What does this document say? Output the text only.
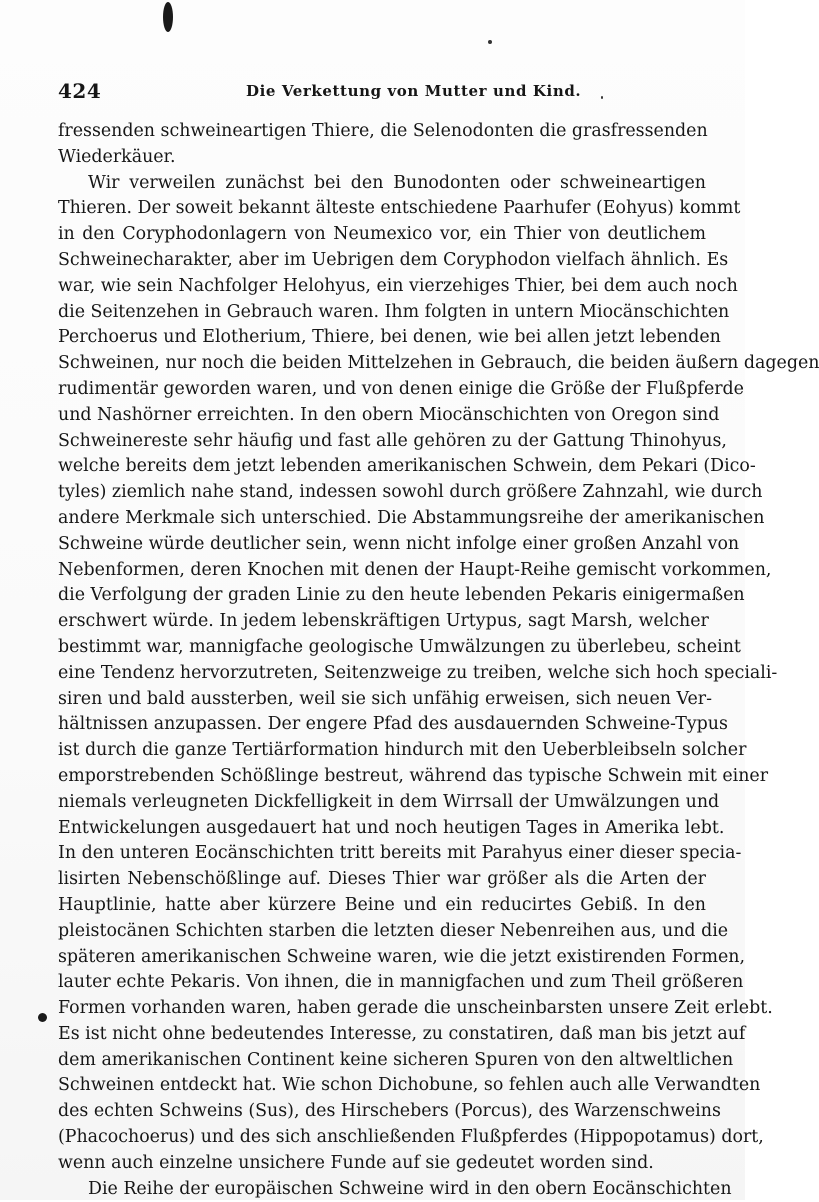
424	Die Verkettung von Mutter und Kind.
fressenden schweineartigen Thiere, die Selenodonten die grasfressenden
Wiederkäuer.
Wir verweilen zunächst bei den Bunodonten oder schweineartigen
Thieren. Der soweit bekannt älteste entschiedene Paarhufer (Eohyus) kommt
in den Coryphodonlagern von Neumexico vor, ein Thier von deutlichem
Schweinecharakter, aber im Uebrigen dem Coryphodon vielfach ähnlich. Es
war, wie sein Nachfolger Helohyus, ein vierzehiges Thier, bei dem auch noch
die Seitenzehen in Gebrauch waren. Ihm folgten in untern Miocänschichten
Perchoerus und Elotherium, Thiere, bei denen, wie bei allen jetzt lebenden
Schweinen, nur noch die beiden Mittelzehen in Gebrauch, die beiden äußern dagegen
rudimentär geworden waren, und von denen einige die Größe der Flußpferde
und Nashörner erreichten. In den obern Miocänschichten von Oregon sind
Schweinereste sehr häufig und fast alle gehören zu der Gattung Thinohyus,
welche bereits dem jetzt lebenden amerikanischen Schwein, dem Pekari (Dico-
tyles) ziemlich nahe stand, indessen sowohl durch größere Zahnzahl, wie durch
andere Merkmale sich unterschied. Die Abstammungsreihe der amerikanischen
Schweine würde deutlicher sein, wenn nicht infolge einer großen Anzahl von
Nebenformen, deren Knochen mit denen der Haupt-Reihe gemischt vorkommen,
die Verfolgung der graden Linie zu den heute lebenden Pekaris einigermaßen
erschwert würde. In jedem lebenskräftigen Urtypus, sagt Marsh, welcher
bestimmt war, mannigfache geologische Umwälzungen zu überlebeu, scheint
eine Tendenz hervorzutreten, Seitenzweige zu treiben, welche sich hoch speciali-
siren und bald aussterben, weil sie sich unfähig erweisen, sich neuen Ver-
hältnissen anzupassen. Der engere Pfad des ausdauernden Schweine-Typus
ist durch die ganze Tertiärformation hindurch mit den Ueberbleibseln solcher
emporstrebenden Schößlinge bestreut, während das typische Schwein mit einer
niemals verleugneten Dickfelligkeit in dem Wirrsall der Umwälzungen und
Entwickelungen ausgedauert hat und noch heutigen Tages in Amerika lebt.
In den unteren Eocänschichten tritt bereits mit Parahyus einer dieser specia-
lisirten Nebenschößlinge auf. Dieses Thier war größer als die Arten der
Hauptlinie, hatte aber kürzere Beine und ein reducirtes Gebiß. In den
pleistocänen Schichten starben die letzten dieser Nebenreihen aus, und die
späteren amerikanischen Schweine waren, wie die jetzt existirenden Formen,
lauter echte Pekaris. Von ihnen, die in mannigfachen und zum Theil größeren
Formen vorhanden waren, haben gerade die unscheinbarsten unsere Zeit erlebt.
Es ist nicht ohne bedeutendes Interesse, zu constatiren, daß man bis jetzt auf
dem amerikanischen Continent keine sicheren Spuren von den altweltlichen
Schweinen entdeckt hat. Wie schon Dichobune, so fehlen auch alle Verwandten
des echten Schweins (Sus), des Hirschebers (Porcus), des Warzenschweins
(Phacochoerus) und des sich anschließenden Flußpferdes (Hippopotamus) dort,
wenn auch einzelne unsichere Funde auf sie gedeutet worden sind.
Die Reihe der europäischen Schweine wird in den obern Eocänschichten
